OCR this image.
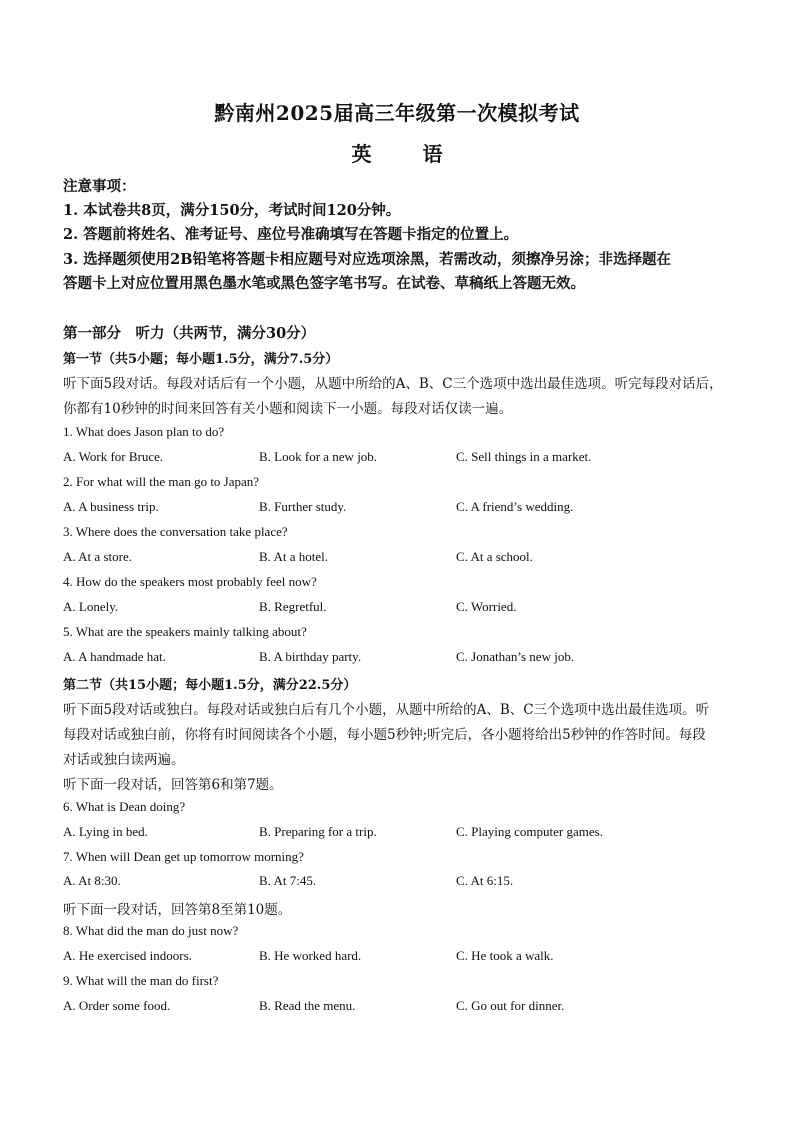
黔南州2025届高三年级第一次模拟考试
英 语
注意事项：
1. 本试卷共8页，满分150分，考试时间120分钟。
2. 答题前将姓名、准考证号、座位号准确填写在答题卡指定的位置上。
3. 选择题须使用2B铅笔将答题卡相应题号对应选项涂黑，若需改动，须擦净另涂；非选择题在
答题卡上对应位置用黑色墨水笔或黑色签字笔书写。在试卷、草稿纸上答题无效。
第一部分　听力（共两节，满分30分）
第一节（共5小题；每小题1.5分，满分7.5分）
听下面5段对话。每段对话后有一个小题，从题中所给的A、B、C三个选项中选出最佳选项。听完每段对话后，
你都有10秒钟的时间来回答有关小题和阅读下一小题。每段对话仅读一遍。
1. What does Jason plan to do?
A. Work for Bruce.	B. Look for a new job.	C. Sell things in a market.
2. For what will the man go to Japan?
A. A business trip.	B. Further study.	C. A friend’s wedding.
3. Where does the conversation take place?
A. At a store.	B. At a hotel.	C. At a school.
4. How do the speakers most probably feel now?
A. Lonely.	B. Regretful.	C. Worried.
5. What are the speakers mainly talking about?
A. A handmade hat.	B. A birthday party.	C. Jonathan’s new job.
第二节（共15小题；每小题1.5分，满分22.5分）
听下面5段对话或独白。每段对话或独白后有几个小题，从题中所给的A、B、C三个选项中选出最佳选项。听
每段对话或独白前，你将有时间阅读各个小题，每小题5秒钟;听完后，各小题将给出5秒钟的作答时间。每段
对话或独白读两遍。
听下面一段对话，回答第6和第7题。
6. What is Dean doing?
A. Lying in bed.	B. Preparing for a trip.	C. Playing computer games.
7. When will Dean get up tomorrow morning?
A. At 8:30.	B. At 7:45.	C. At 6:15.
听下面一段对话，回答第8至第10题。
8. What did the man do just now?
A. He exercised indoors.	B. He worked hard.	C. He took a walk.
9. What will the man do first?
A. Order some food.	B. Read the menu.	C. Go out for dinner.
